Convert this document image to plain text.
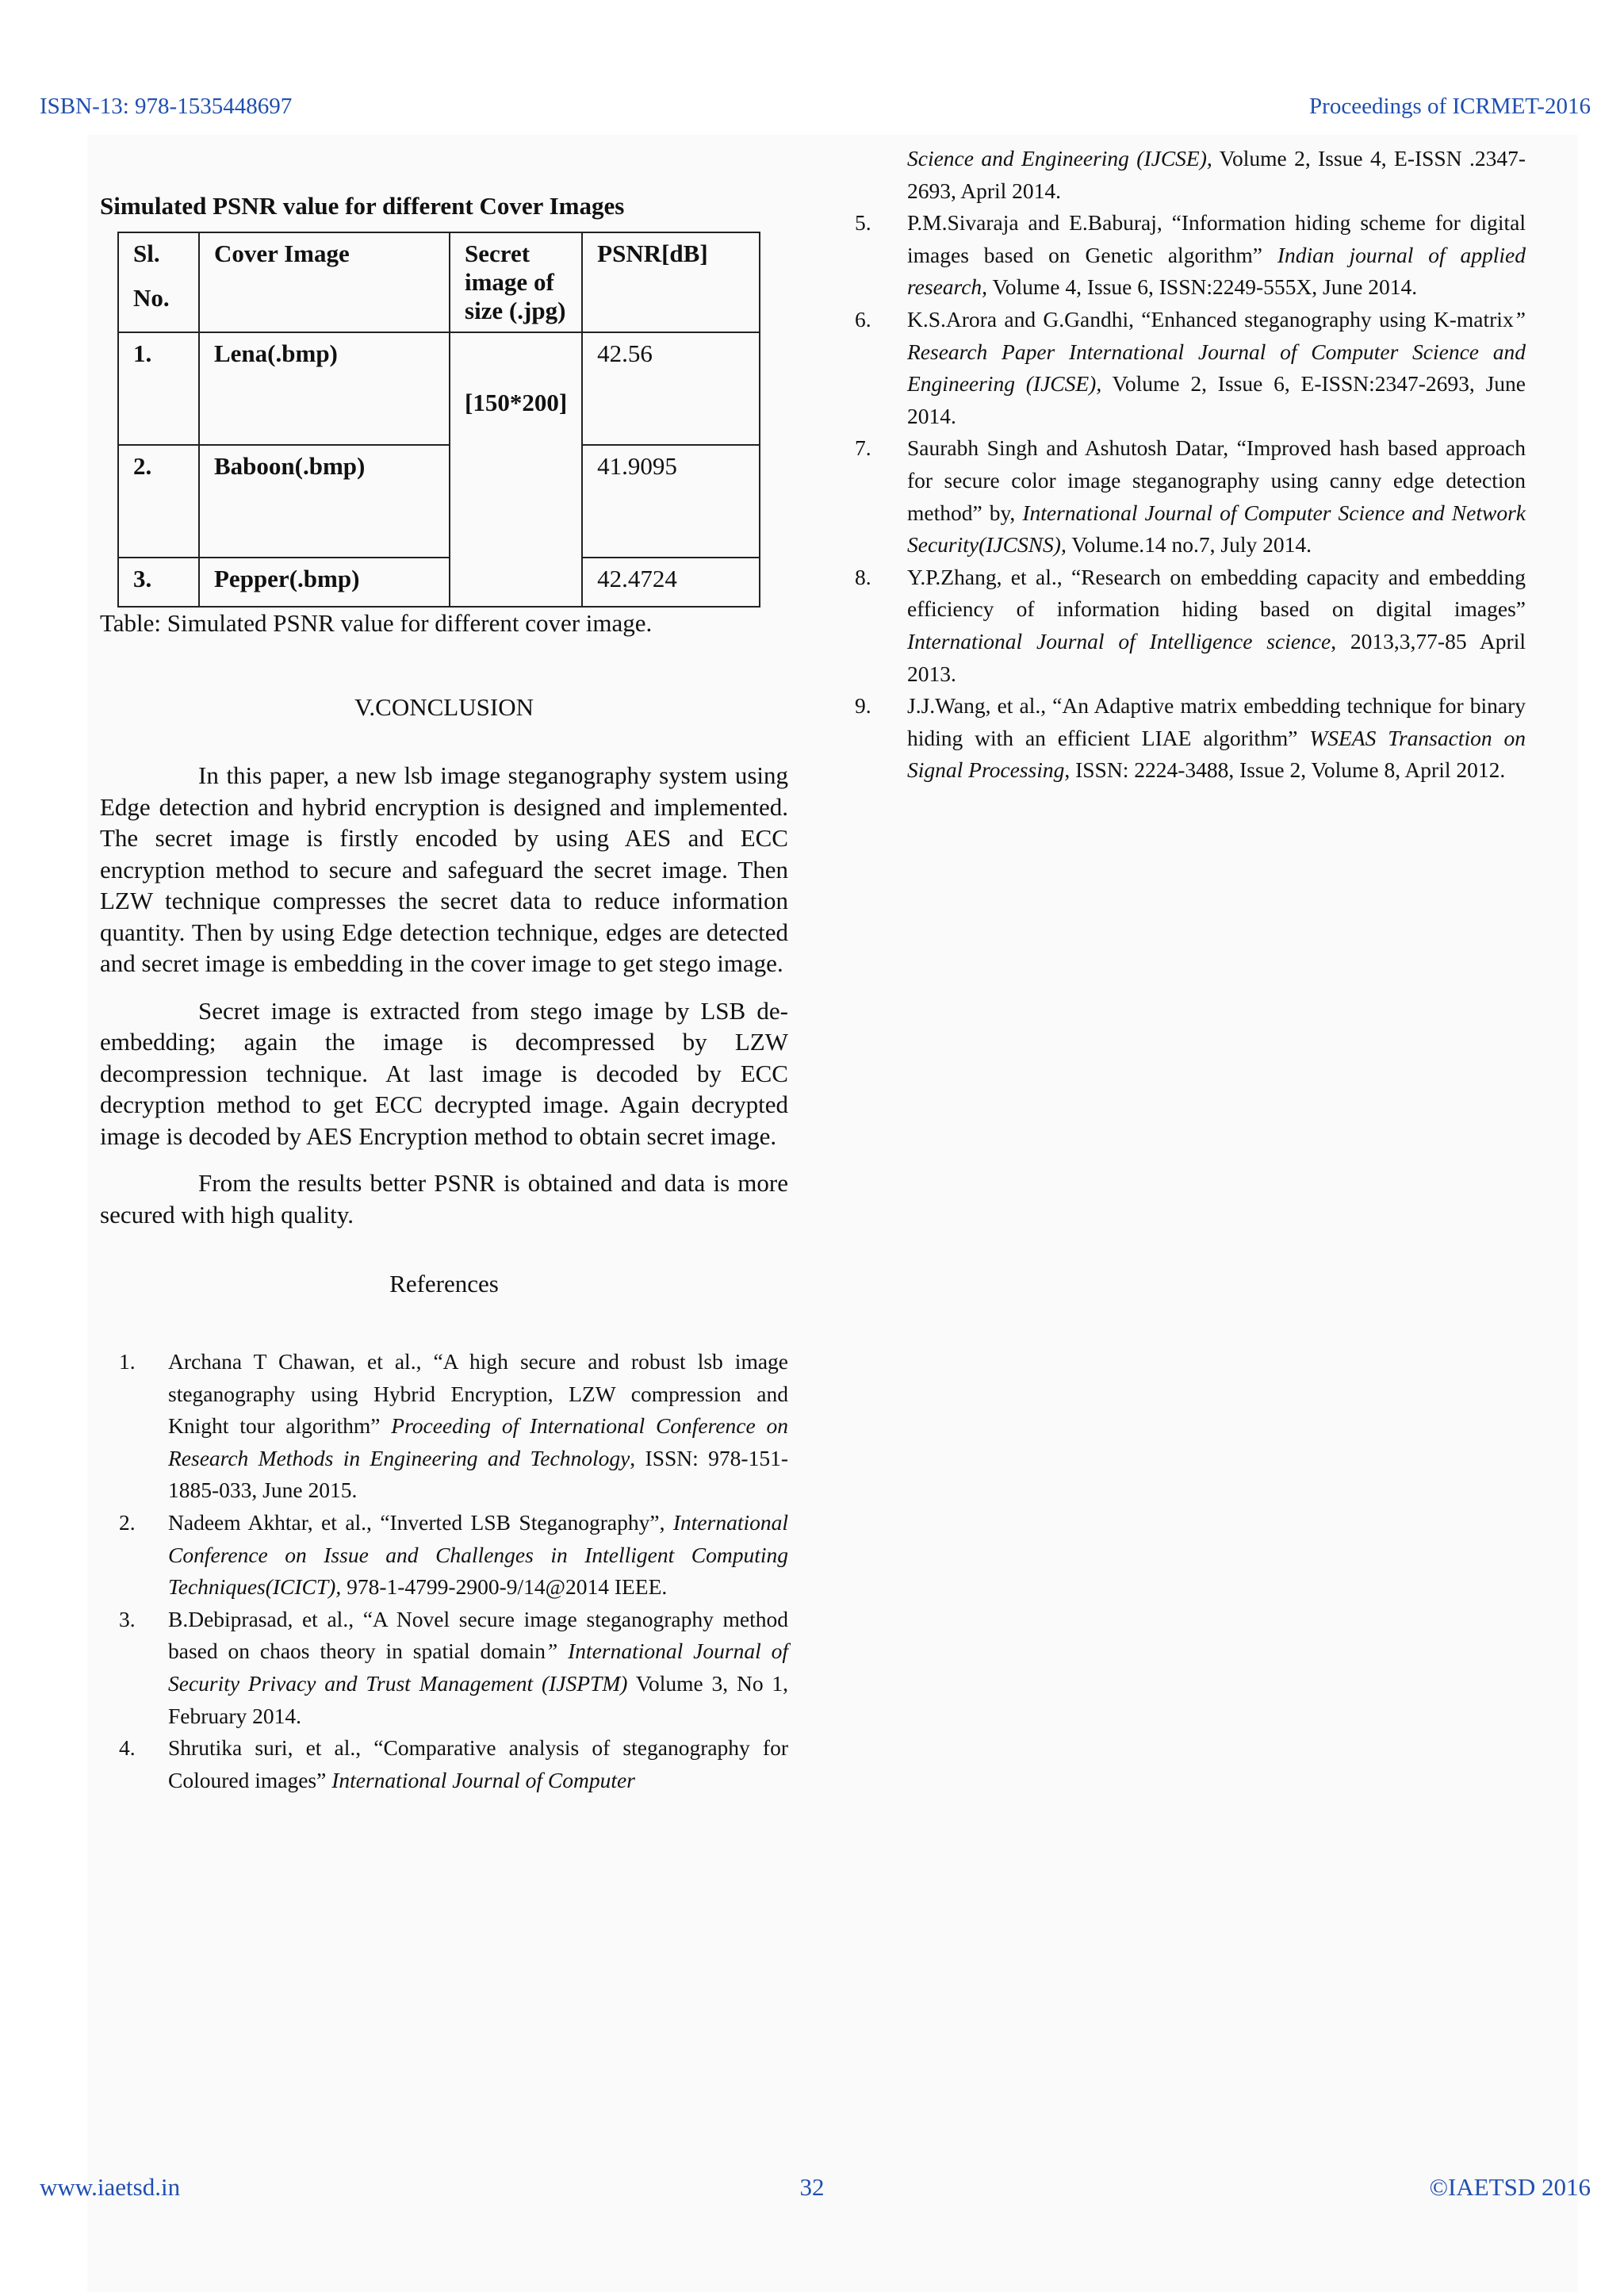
ISBN-13: 978-1535448697	Proceedings of ICRMET-2016
Simulated PSNR value for different Cover Images
Sl.
No.	Cover Image	Secret image of size (.jpg)	PSNR[dB]
1.	Lena(.bmp)	[150*200]	42.56
2.	Baboon(.bmp)		41.9095
3.	Pepper(.bmp)		42.4724
Table: Simulated PSNR value for different cover image.
V.CONCLUSION

In this paper, a new lsb image steganography system using Edge detection and hybrid encryption is designed and implemented. The secret image is firstly encoded by using AES and ECC encryption method to secure and safeguard the secret image. Then LZW technique compresses the secret data to reduce information quantity. Then by using Edge detection technique, edges are detected and secret image is embedding in the cover image to get stego image.

Secret image is extracted from stego image by LSB de-embedding; again the image is decompressed by LZW decompression technique. At last image is decoded by ECC decryption method to get ECC decrypted image. Again decrypted image is decoded by AES Encryption method to obtain secret image.

From the results better PSNR is obtained and data is more secured with high quality.

References
1.	Archana T Chawan, et al., “A high secure and robust lsb image steganography using Hybrid Encryption, LZW compression and Knight tour algorithm” Proceeding of International Conference on Research Methods in Engineering and Technology, ISSN: 978-151-1885-033, June 2015.
2.	Nadeem Akhtar, et al., “Inverted LSB Steganography”, International Conference on Issue and Challenges in Intelligent Computing Techniques(ICICT), 978-1-4799-2900-9/14@2014 IEEE.
3.	B.Debiprasad, et al., “A Novel secure image steganography method based on chaos theory in spatial domain” International Journal of Security Privacy and Trust Management (IJSPTM) Volume 3, No 1, February 2014.
4.	Shrutika suri, et al., “Comparative analysis of steganography for Coloured images” International Journal of Computer
Science and Engineering (IJCSE), Volume 2, Issue 4, E-ISSN .2347-2693, April 2014.
5.	P.M.Sivaraja and E.Baburaj, “Information hiding scheme for digital images based on Genetic algorithm” Indian journal of applied research, Volume 4, Issue 6, ISSN:2249-555X, June 2014.
6.	K.S.Arora and G.Gandhi, “Enhanced steganography using K-matrix” Research Paper International Journal of Computer Science and Engineering (IJCSE), Volume 2, Issue 6, E-ISSN:2347-2693, June 2014.
7.	Saurabh Singh and Ashutosh Datar, “Improved hash based approach for secure color image steganography using canny edge detection method” by, International Journal of Computer Science and Network Security(IJCSNS), Volume.14 no.7, July 2014.
8.	Y.P.Zhang, et al., “Research on embedding capacity and embedding efficiency of information hiding based on digital images” International Journal of Intelligence science, 2013,3,77-85 April 2013.
9.	J.J.Wang, et al., “An Adaptive matrix embedding technique for binary hiding with an efficient LIAE algorithm” WSEAS Transaction on Signal Processing, ISSN: 2224-3488, Issue 2, Volume 8, April 2012.
www.iaetsd.in	32	©IAETSD 2016
